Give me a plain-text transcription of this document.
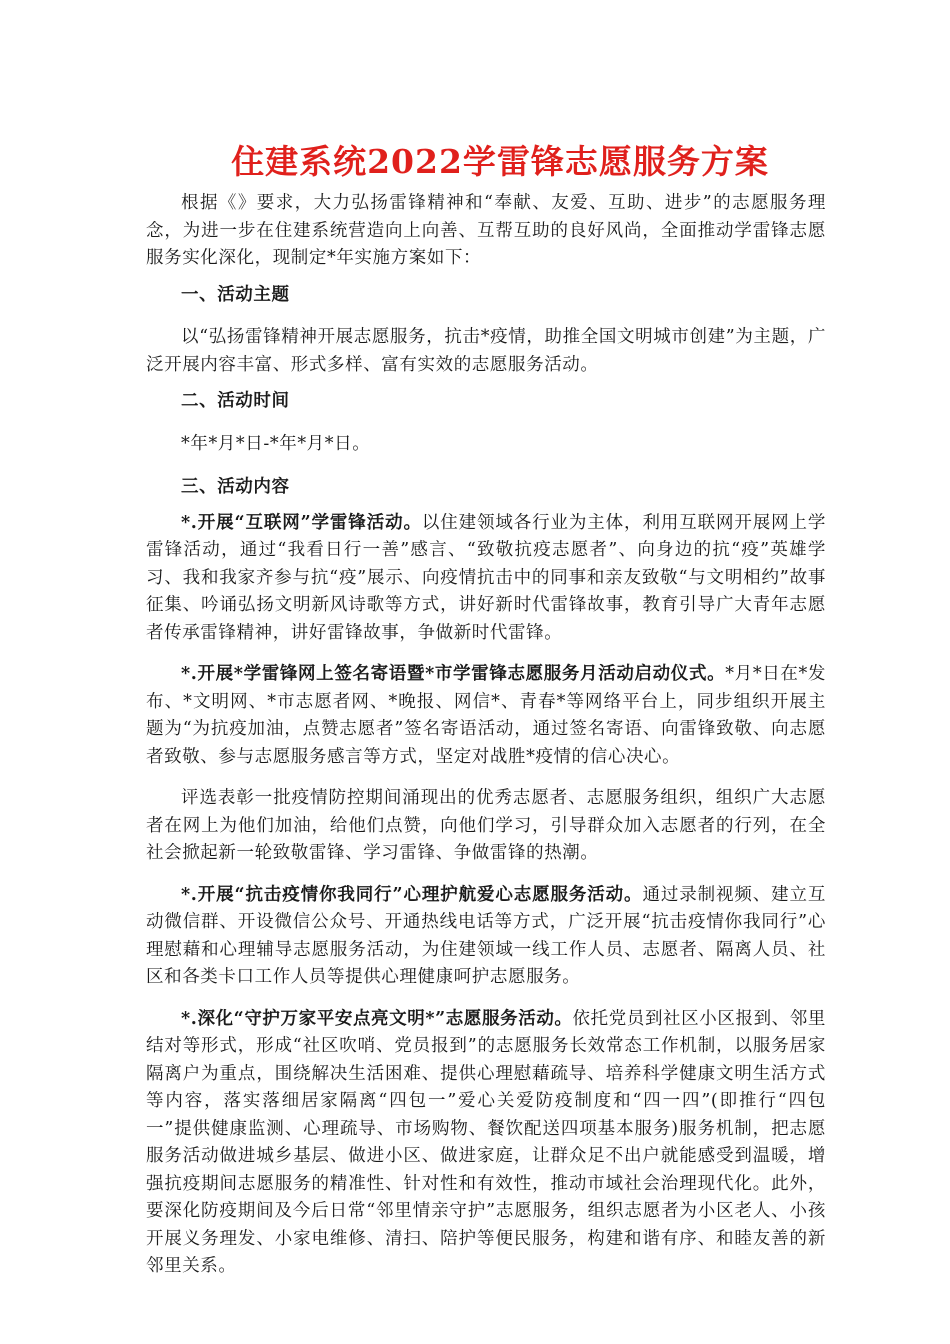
住建系统2022学雷锋志愿服务方案

根据《》要求，大力弘扬雷锋精神和“奉献、友爱、互助、进步”的志愿服务理念，为进一步在住建系统营造向上向善、互帮互助的良好风尚，全面推动学雷锋志愿服务实化深化，现制定*年实施方案如下：

一、活动主题

以“弘扬雷锋精神开展志愿服务，抗击*疫情，助推全国文明城市创建”为主题，广泛开展内容丰富、形式多样、富有实效的志愿服务活动。

二、活动时间

*年*月*日-*年*月*日。

三、活动内容

*.开展“互联网”学雷锋活动。以住建领域各行业为主体，利用互联网开展网上学雷锋活动，通过“我看日行一善”感言、“致敬抗疫志愿者”、向身边的抗“疫”英雄学习、我和我家齐参与抗“疫”展示、向疫情抗击中的同事和亲友致敬“与文明相约”故事征集、吟诵弘扬文明新风诗歌等方式，讲好新时代雷锋故事，教育引导广大青年志愿者传承雷锋精神，讲好雷锋故事，争做新时代雷锋。

*.开展*学雷锋网上签名寄语暨*市学雷锋志愿服务月活动启动仪式。*月*日在*发布、*文明网、*市志愿者网、*晚报、网信*、青春*等网络平台上，同步组织开展主题为“为抗疫加油，点赞志愿者”签名寄语活动，通过签名寄语、向雷锋致敬、向志愿者致敬、参与志愿服务感言等方式，坚定对战胜*疫情的信心决心。

评选表彰一批疫情防控期间涌现出的优秀志愿者、志愿服务组织，组织广大志愿者在网上为他们加油，给他们点赞，向他们学习，引导群众加入志愿者的行列，在全社会掀起新一轮致敬雷锋、学习雷锋、争做雷锋的热潮。

*.开展“抗击疫情你我同行”心理护航爱心志愿服务活动。通过录制视频、建立互动微信群、开设微信公众号、开通热线电话等方式，广泛开展“抗击疫情你我同行”心理慰藉和心理辅导志愿服务活动，为住建领域一线工作人员、志愿者、隔离人员、社区和各类卡口工作人员等提供心理健康呵护志愿服务。

*.深化“守护万家平安点亮文明*”志愿服务活动。依托党员到社区小区报到、邻里结对等形式，形成“社区吹哨、党员报到”的志愿服务长效常态工作机制，以服务居家隔离户为重点，围绕解决生活困难、提供心理慰藉疏导、培养科学健康文明生活方式等内容，落实落细居家隔离“四包一”爱心关爱防疫制度和“四一四”(即推行“四包一”提供健康监测、心理疏导、市场购物、餐饮配送四项基本服务)服务机制，把志愿服务活动做进城乡基层、做进小区、做进家庭，让群众足不出户就能感受到温暖，增强抗疫期间志愿服务的精准性、针对性和有效性，推动市域社会治理现代化。此外，要深化防疫期间及今后日常“邻里情亲守护”志愿服务，组织志愿者为小区老人、小孩开展义务理发、小家电维修、清扫、陪护等便民服务，构建和谐有序、和睦友善的新邻里关系。
